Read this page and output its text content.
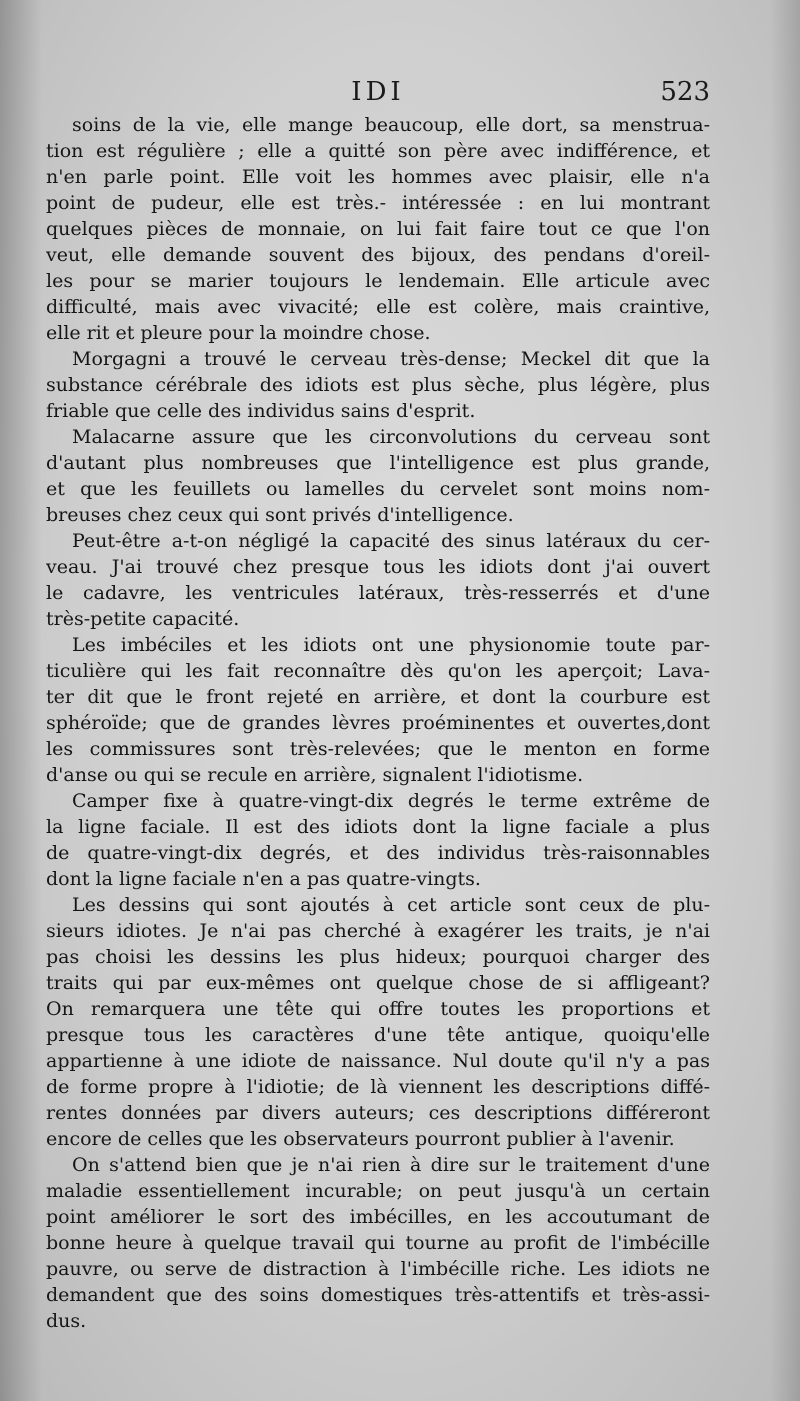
IDI	523

soins de la vie, elle mange beaucoup, elle dort, sa menstrua-
tion est régulière ; elle a quitté son père avec indifférence, et
n'en parle point. Elle voit les hommes avec plaisir, elle n'a
point de pudeur, elle est très.- intéressée : en lui montrant
quelques pièces de monnaie, on lui fait faire tout ce que l'on
veut, elle demande souvent des bijoux, des pendans d'oreil-
les pour se marier toujours le lendemain. Elle articule avec
difficulté, mais avec vivacité; elle est colère, mais craintive,
elle rit et pleure pour la moindre chose.

Morgagni a trouvé le cerveau très-dense; Meckel dit que la
substance cérébrale des idiots est plus sèche, plus légère, plus
friable que celle des individus sains d'esprit.

Malacarne assure que les circonvolutions du cerveau sont
d'autant plus nombreuses que l'intelligence est plus grande,
et que les feuillets ou lamelles du cervelet sont moins nom-
breuses chez ceux qui sont privés d'intelligence.

Peut-être a-t-on négligé la capacité des sinus latéraux du cer-
veau. J'ai trouvé chez presque tous les idiots dont j'ai ouvert
le cadavre, les ventricules latéraux, très-resserrés et d'une
très-petite capacité.

Les imbéciles et les idiots ont une physionomie toute par-
ticulière qui les fait reconnaître dès qu'on les aperçoit; Lava-
ter dit que le front rejeté en arrière, et dont la courbure est
sphéroïde; que de grandes lèvres proéminentes et ouvertes,dont
les commissures sont très-relevées; que le menton en forme
d'anse ou qui se recule en arrière, signalent l'idiotisme.

Camper fixe à quatre-vingt-dix degrés le terme extrême de
la ligne faciale. Il est des idiots dont la ligne faciale a plus
de quatre-vingt-dix degrés, et des individus très-raisonnables
dont la ligne faciale n'en a pas quatre-vingts.

Les dessins qui sont ajoutés à cet article sont ceux de plu-
sieurs idiotes. Je n'ai pas cherché à exagérer les traits, je n'ai
pas choisi les dessins les plus hideux; pourquoi charger des
traits qui par eux-mêmes ont quelque chose de si affligeant?
On remarquera une tête qui offre toutes les proportions et
presque tous les caractères d'une tête antique, quoiqu'elle
appartienne à une idiote de naissance. Nul doute qu'il n'y a pas
de forme propre à l'idiotie; de là viennent les descriptions diffé-
rentes données par divers auteurs; ces descriptions différeront
encore de celles que les observateurs pourront publier à l'avenir.

On s'attend bien que je n'ai rien à dire sur le traitement d'une
maladie essentiellement incurable; on peut jusqu'à un certain
point améliorer le sort des imbécilles, en les accoutumant de
bonne heure à quelque travail qui tourne au profit de l'imbécille
pauvre, ou serve de distraction à l'imbécille riche. Les idiots ne
demandent que des soins domestiques très-attentifs et très-assi-
dus.
